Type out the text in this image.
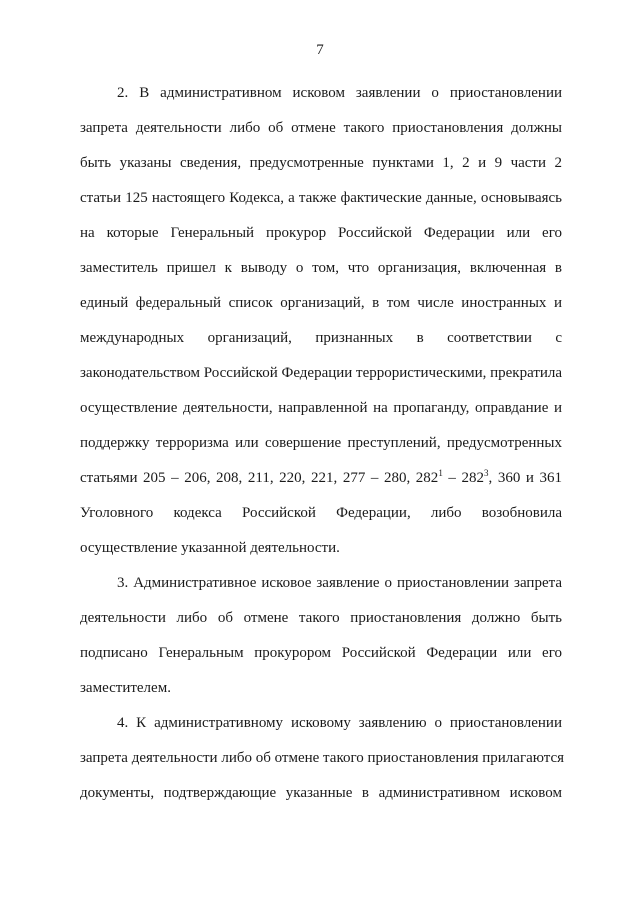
7
2. В административном исковом заявлении о приостановлении
запрета деятельности либо об отмене такого приостановления должны
быть указаны сведения, предусмотренные пунктами 1, 2 и 9 части 2
статьи 125 настоящего Кодекса, а также фактические данные, основываясь
на которые Генеральный прокурор Российской Федерации или его
заместитель пришел к выводу о том, что организация, включенная в
единый федеральный список организаций, в том числе иностранных и
международных организаций, признанных в соответствии с
законодательством Российской Федерации террористическими, прекратила
осуществление деятельности, направленной на пропаганду, оправдание и
поддержку терроризма или совершение преступлений, предусмотренных
статьями 205 – 206, 208, 211, 220, 221, 277 – 280, $282^1 - 282^3$, 360 и 361
Уголовного кодекса Российской Федерации, либо возобновила
осуществление указанной деятельности.
3. Административное исковое заявление о приостановлении запрета
деятельности либо об отмене такого приостановления должно быть
подписано Генеральным прокурором Российской Федерации или его
заместителем.
4. К административному исковому заявлению о приостановлении
запрета деятельности либо об отмене такого приостановления прилагаются
документы, подтверждающие указанные в административном исковом
